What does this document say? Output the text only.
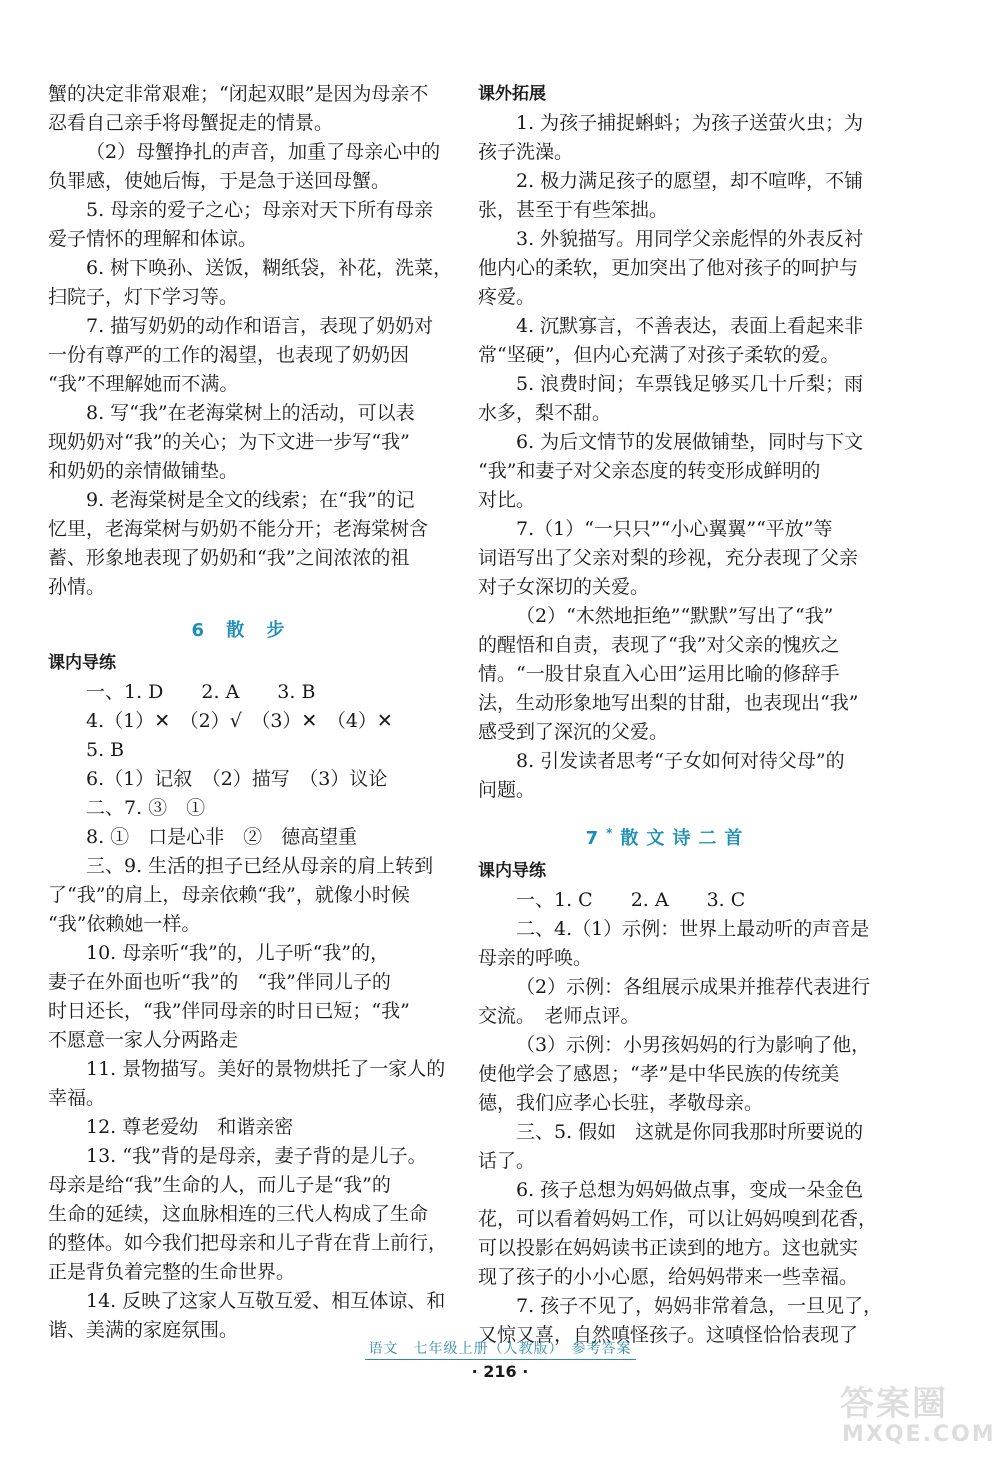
蟹的决定非常艰难；“闭起双眼”是因为母亲不
忍看自己亲手将母蟹捉走的情景。
（2）母蟹挣扎的声音，加重了母亲心中的
负罪感，使她后悔，于是急于送回母蟹。
5. 母亲的爱子之心；母亲对天下所有母亲
爱子情怀的理解和体谅。
6. 树下唤孙、送饭，糊纸袋，补花，洗菜，
扫院子，灯下学习等。
7. 描写奶奶的动作和语言，表现了奶奶对
一份有尊严的工作的渴望，也表现了奶奶因
“我”不理解她而不满。
8. 写“我”在老海棠树上的活动，可以表
现奶奶对“我”的关心；为下文进一步写“我”
和奶奶的亲情做铺垫。
9. 老海棠树是全文的线索；在“我”的记
忆里，老海棠树与奶奶不能分开；老海棠树含
蓄、形象地表现了奶奶和“我”之间浓浓的祖
孙情。
6 散 步
课内导练
一、1. D　　2. A　　3. B
4.（1）✕　（2）√　（3）✕　（4）✕
5. B
6.（1）记叙　（2）描写　（3）议论
二、7. ③　①
8. ①　口是心非　②　德高望重
三、9. 生活的担子已经从母亲的肩上转到
了“我”的肩上，母亲依赖“我”，就像小时候
“我”依赖她一样。
10. 母亲听“我”的，儿子听“我”的，
妻子在外面也听“我”的　“我”伴同儿子的
时日还长，“我”伴同母亲的时日已短；“我”
不愿意一家人分两路走
11. 景物描写。美好的景物烘托了一家人的
幸福。
12. 尊老爱幼　和谐亲密
13. “我”背的是母亲，妻子背的是儿子。
母亲是给“我”生命的人，而儿子是“我”的
生命的延续，这血脉相连的三代人构成了生命
的整体。如今我们把母亲和儿子背在背上前行，
正是背负着完整的生命世界。
14. 反映了这家人互敬互爱、相互体谅、和
谐、美满的家庭氛围。
课外拓展
1. 为孩子捕捉蝌蚪；为孩子送萤火虫；为
孩子洗澡。
2. 极力满足孩子的愿望，却不喧哗，不铺
张，甚至于有些笨拙。
3. 外貌描写。用同学父亲彪悍的外表反衬
他内心的柔软，更加突出了他对孩子的呵护与
疼爱。
4. 沉默寡言，不善表达，表面上看起来非
常“坚硬”，但内心充满了对孩子柔软的爱。
5. 浪费时间；车票钱足够买几十斤梨；雨
水多，梨不甜。
6. 为后文情节的发展做铺垫，同时与下文
“我”和妻子对父亲态度的转变形成鲜明的
对比。
7.（1）“一只只”“小心翼翼”“平放”等
词语写出了父亲对梨的珍视，充分表现了父亲
对子女深切的关爱。
（2）“木然地拒绝”“默默”写出了“我”
的醒悟和自责，表现了“我”对父亲的愧疚之
情。“一股甘泉直入心田”运用比喻的修辞手
法，生动形象地写出梨的甘甜，也表现出“我”
感受到了深沉的父爱。
8. 引发读者思考“子女如何对待父母”的
问题。
7* 散文诗二首
课内导练
一、1. C　　2. A　　3. C
二、4.（1）示例：世界上最动听的声音是
母亲的呼唤。
（2）示例：各组展示成果并推荐代表进行
交流。　老师点评。
（3）示例：小男孩妈妈的行为影响了他，
使他学会了感恩；“孝”是中华民族的传统美
德，我们应孝心长驻，孝敬母亲。
三、5. 假如　这就是你同我那时所要说的
话了。
6. 孩子总想为妈妈做点事，变成一朵金色
花，可以看着妈妈工作，可以让妈妈嗅到花香，
可以投影在妈妈读书正读到的地方。这也就实
现了孩子的小小心愿，给妈妈带来一些幸福。
7. 孩子不见了，妈妈非常着急，一旦见了，
又惊又喜，自然嗔怪孩子。这嗔怪恰恰表现了
语文　七年级上册（人教版）　参考答案
· 216 ·
答案圈
MXQE.COM
